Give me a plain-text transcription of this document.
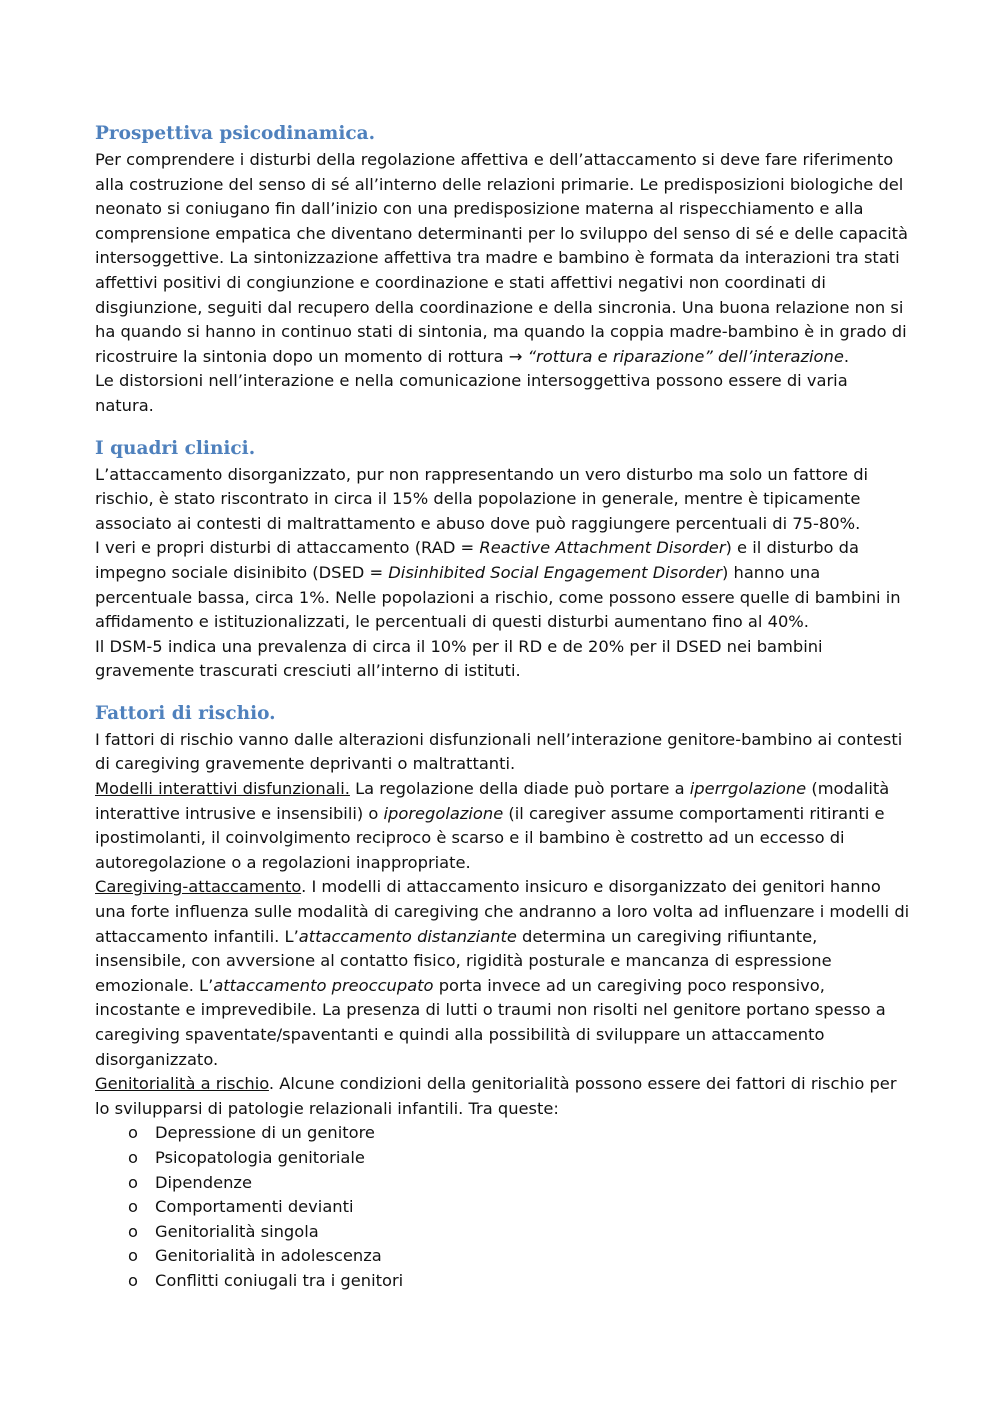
Prospettiva psicodinamica.

Per comprendere i disturbi della regolazione affettiva e dell’attaccamento si deve fare riferimento alla costruzione del senso di sé all’interno delle relazioni primarie. Le predisposizioni biologiche del neonato si coniugano fin dall’inizio con una predisposizione materna al rispecchiamento e alla comprensione empatica che diventano determinanti per lo sviluppo del senso di sé e delle capacità intersoggettive. La sintonizzazione affettiva tra madre e bambino è formata da interazioni tra stati affettivi positivi di congiunzione e coordinazione e stati affettivi negativi non coordinati di disgiunzione, seguiti dal recupero della coordinazione e della sincronia. Una buona relazione non si ha quando si hanno in continuo stati di sintonia, ma quando la coppia madre-bambino è in grado di ricostruire la sintonia dopo un momento di rottura → “rottura e riparazione” dell’interazione.

Le distorsioni nell’interazione e nella comunicazione intersoggettiva possono essere di varia natura.

I quadri clinici.

L’attaccamento disorganizzato, pur non rappresentando un vero disturbo ma solo un fattore di rischio, è stato riscontrato in circa il 15% della popolazione in generale, mentre è tipicamente associato ai contesti di maltrattamento e abuso dove può raggiungere percentuali di 75-80%.

I veri e propri disturbi di attaccamento (RAD = Reactive Attachment Disorder) e il disturbo da impegno sociale disinibito (DSED = Disinhibited Social Engagement Disorder) hanno una percentuale bassa, circa 1%. Nelle popolazioni a rischio, come possono essere quelle di bambini in affidamento e istituzionalizzati, le percentuali di questi disturbi aumentano fino al 40%.

Il DSM-5 indica una prevalenza di circa il 10% per il RD e de 20% per il DSED nei bambini gravemente trascurati cresciuti all’interno di istituti.

Fattori di rischio.

I fattori di rischio vanno dalle alterazioni disfunzionali nell’interazione genitore-bambino ai contesti di caregiving gravemente deprivanti o maltrattanti.

Modelli interattivi disfunzionali. La regolazione della diade può portare a iperrgolazione (modalità interattive intrusive e insensibili) o iporegolazione (il caregiver assume comportamenti ritiranti e ipostimolanti, il coinvolgimento reciproco è scarso e il bambino è costretto ad un eccesso di autoregolazione o a regolazioni inappropriate.

Caregiving-attaccamento. I modelli di attaccamento insicuro e disorganizzato dei genitori hanno una forte influenza sulle modalità di caregiving che andranno a loro volta ad influenzare i modelli di attaccamento infantili. L’attaccamento distanziante determina un caregiving rifiuntante, insensibile, con avversione al contatto fisico, rigidità posturale e mancanza di espressione emozionale. L’attaccamento preoccupato porta invece ad un caregiving poco responsivo, incostante e imprevedibile. La presenza di lutti o traumi non risolti nel genitore portano spesso a caregiving spaventate/spaventanti e quindi alla possibilità di sviluppare un attaccamento disorganizzato.

Genitorialità a rischio. Alcune condizioni della genitorialità possono essere dei fattori di rischio per lo svilupparsi di patologie relazionali infantili. Tra queste:

o Depressione di un genitore
o Psicopatologia genitoriale
o Dipendenze
o Comportamenti devianti
o Genitorialità singola
o Genitorialità in adolescenza
o Conflitti coniugali tra i genitori
